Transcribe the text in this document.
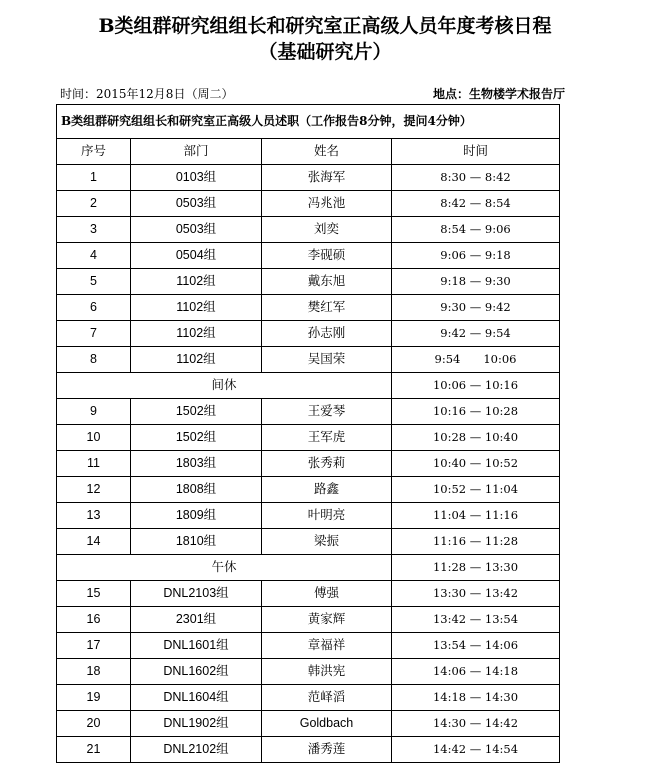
B类组群研究组组长和研究室正高级人员年度考核日程
（基础研究片）
时间：2015年12月8日（周二）	地点：生物楼学术报告厅
B类组群研究组组长和研究室正高级人员述职（工作报告8分钟，提问4分钟）			
序号	部门	姓名	时间
1	0103组	张海军	8:30 — 8:42
2	0503组	冯兆池	8:42 — 8:54
3	0503组	刘奕	8:54 — 9:06
4	0504组	李砚硕	9:06 — 9:18
5	1102组	戴东旭	9:18 — 9:30
6	1102组	樊红军	9:30 — 9:42
7	1102组	孙志刚	9:42 — 9:54
8	1102组	吴国荣	9:54　　10:06
间休			10:06 — 10:16
9	1502组	王爱琴	10:16 — 10:28
10	1502组	王军虎	10:28 — 10:40
11	1803组	张秀莉	10:40 — 10:52
12	1808组	路鑫	10:52 — 11:04
13	1809组	叶明亮	11:04 — 11:16
14	1810组	梁振	11:16 — 11:28
午休			11:28 — 13:30
15	DNL2103组	傅强	13:30 — 13:42
16	2301组	黄家辉	13:42 — 13:54
17	DNL1601组	章福祥	13:54 — 14:06
18	DNL1602组	韩洪宪	14:06 — 14:18
19	DNL1604组	范峄滔	14:18 — 14:30
20	DNL1902组	Goldbach	14:30 — 14:42
21	DNL2102组	潘秀莲	14:42 — 14:54
